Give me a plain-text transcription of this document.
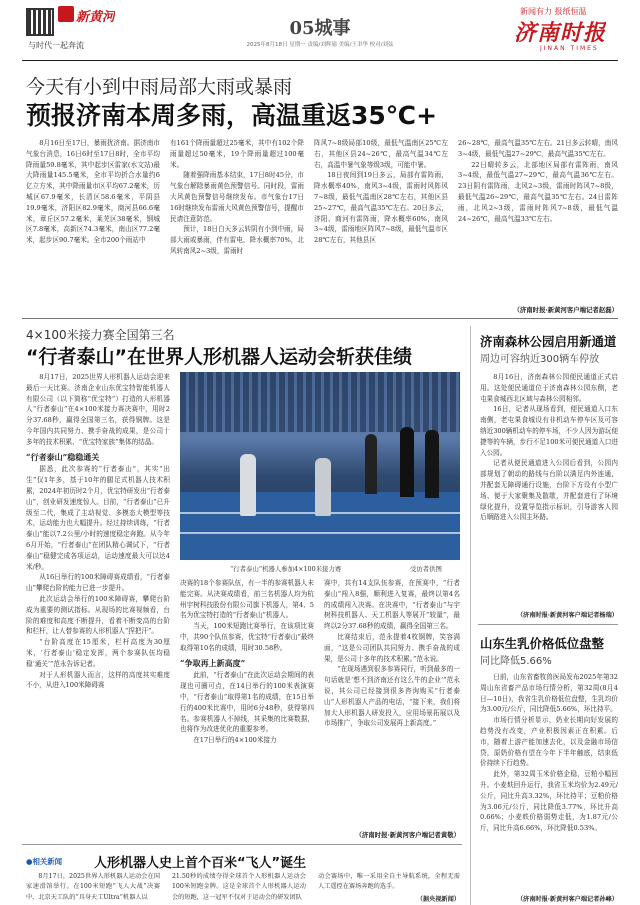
新黄河
与时代一起奔流
05城事
2025年8月18日 星期一 责编/刘辉瑜 美编/王聿华 校对/刘弦
新闻有力 报纸恒温
济南时报
JINAN TIMES
今天有小到中雨局部大雨或暴雨
预报济南本周多雨，高温重返35℃+

8月16日至17日，暴雨扰济南。据济南市气象台消息，16日6时至17日8时，全市平均降雨量59.8毫米，其中起步区雷家(水文站)最大降雨量145.5毫米，全市平均折合水量约6亿立方米，其中降雨量市区平均67.2毫米，历城区67.9毫米，长清区58.6毫米，平阴县19.9毫米，济阳区82.9毫米，商河县66.6毫米，章丘区57.2毫米，莱芜区38毫米，钢城区7.8毫米，高新区74.3毫米，南山区77.2毫米，起步区90.7毫米。全市200个雨站中

有161个降雨量超过25毫米，其中有102个降雨量超过50毫米，19个降雨量超过100毫米。

随着强降雨基本结束，17日8时45分，市气象台解除暴雨黄色预警信号。同时段，雷雨大风黄色预警信号继续发布。市气象台17日16时继续发布雷雨大风黄色预警信号，提醒市民请注意防范。

预计，18日白天多云转阴有小到中雨，局部大雨或暴雨，伴有雷电，降水概率70%，北风转南风2~3级，雷雨时

阵风7~8级局部10级，最低气温南区25℃左右，其他区县24~26℃，最高气温34℃左右，高温中暑气象等级3级，可能中暑。

18日夜间到19日多云，局部有雷阵雨，降水概率40%，南风3~4级，雷雨时风阵风7~8级，最低气温南区28℃左右，其他区县25~27℃，最高气温35℃左右。20日多云，济阳、商河有雷阵雨，降水概率60%，南风3~4级，雷雨地区阵风7~8级，最低气温市区28℃左右，其他县区

26~28℃，最高气温35℃左右。21日多云转晴，南风3~4级，最低气温27~29℃，最高气温35℃左右。

22日晴转多云，北部地区局部有雷阵雨，南风3~4级，最低气温27~29℃，最高气温36℃左右。23日阴有雷阵雨，北风2~3级，雷雨时阵风7~8级，最低气温26~29℃，最高气温35℃左右。24日雷阵雨，北风2~3级，雷雨时阵风7~8级，最低气温24~26℃，最高气温33℃左右。

（济南时报·新黄河客户端记者赵磊）
4×100米接力赛全国第三名
“行者泰山”在世界人形机器人运动会斩获佳绩

8月17日，2025世界人形机器人运动会迎来最后一天比赛。济南企业山东优宝特智能机器人有限公司（以下简称“优宝特”）打造的人形机器人“行者泰山”在4×100米接力赛决赛中，用时2分37.68秒，赢得全国第三名，获得铜牌。这是今年国内共同努力、携手奋战的成果，是公司十多年的技术积累、“优宝特家族”集体的结晶。

“行者泰山”稳稳通关

据悉，此次参赛的“行者泰山”，其实“出生”仅1年多，基于10年的腿足式机器人技术积累，2024年初历时2个月，优宝特研发出“行者泰山”，创业研发速度惊人。目前，“行者泰山”已升级至二代，集成了主动视觉、多模态大模型等技术，运动能力也大幅提升。经过持续训练，“行者泰山”能以7.2公里/小时的速度稳定奔跑。从今年6月开始，“行者泰山”在团队精心调试下，“行者泰山”稳健完成各项运动，运动速度最大可以达4米/秒。

从16日举行的100米障碍赛成绩看，“行者泰山”攀爬台阶的能力已进一步提升。

此次运动会举行的100米障碍赛，攀爬台阶成为重要的测试指标。从现场的比赛视频看，台阶的难度和高度不断提升，看着不断变高的台阶和栏杆，让人替参赛的人形机器人“捏把汗”。

“台阶高度在15厘米，栏杆高度为30厘米，‘行者泰山’稳定发挥，两个参赛队伍均稳稳‘通关’”范永告诉记者。

对于人形机器人而言，这样的高度其实难度不小，从进入100米障碍赛

“行者泰山”机器人参加4×100米接力赛	受访者供图

决赛的18个参赛队伍，有一半的参赛机器人未能完赛。从决赛成绩看，前三名机器人均为杭州宇树科技股份有限公司旗下机器人，第4、5名为优宝特打造的“行者泰山”机器人。

当天，100米短跑比赛举行，在该项比赛中，共90个队伍参赛，优宝特“行者泰山”最终取得第10名的成绩，用时30.58秒。

“争取再上新高度”

此前，“行者泰山”在此次运动会期间的表现也可圈可点，在14日举行的100米表演赛中，“行者泰山”取得第1名的成绩，在15日举行的400米比赛中，用时6分48秒，获得第四名。参赛机器人不掉线，其采集的比赛数据，也将作为改进优化的重要参考。

在17日举行的4×100米接力

赛中，共有14支队伍参赛，在预赛中，“行者泰山”闯入8强，顺利进入复赛，最终以第4名的成绩闯入决赛。在决赛中，“行者泰山”与宇树科技机器人、天工机器人等展开“较量”，最终以2分37.68秒的成绩，赢得全国第三名。

比赛结束后，范永提着4枚铜牌，笑容满面，“这是公司团队共同努力、携手奋战的成果，是公司十多年的技术积累。”范永说。

“在现场遇到很多参赛同行，听到最多的一句话就是‘想不到济南还有这么牛的企业’”范永说，其公司已经接到很多咨询购买“行者泰山”人形机器人产品的电话，“接下来，我们将加大人形机器人研发投入，应用场景拓展以及市场推广，争取公司发展再上新高度。”

（济南时报·新黄河客户端记者黄敬）
●相关新闻 人形机器人史上首个百米“飞人”诞生

8月17日，2025世界人形机器人运动会在国家速滑馆举行。在100米短跑“飞人大战”决赛中，北京天工队的“具身天工Ultra”机器人以

21.50秒的成绩夺得全球首个人形机器人运动会100米短跑金牌。这是全球首个人形机器人运动会的短跑，这一冠军不仅对于运动会的研发团队

动会赛场中，唯一采用全自主导航系统，全程无需人工遥控在赛场奔跑的选手。

（据央视新闻）
济南森林公园启用新通道
周边可容纳近300辆车停放

8月16日，济南森林公园便民通道正式启用。这处便民通道位于济南森林公园东侧，老屯果食城西北区域与森林公园相邻。

16日，记者从现场看到，便民通道入口东南侧，老屯果食城设有非机动车停车区及可容纳近300辆机动车的停车场，不少人因为游玩便捷等的车辆，步行不足100米可便民通道入口进入公园。

记者从便民通道进入公园后看到，公园内部规划了朝动的路线与台阶以满足内外连通，并配套无障碍通行设施，台阶下方设有小型广场、便于大家聚集及散歇，并配套进行了环境绿化提升，设置导览指示标识，引导游客人园后顺路进入公园主环路。

（济南时报·新黄河客户端记者杨瑞）
山东生乳价格低位盘整
同比降低5.66%

日前，山东省畜牧兽医局发布2025年第32周山东省畜产品市场行情分析，第32周(8月4日—10日)，我省生乳价格低位盘整，生乳均价为3.00元/公斤，同比降低5.66%，环比持平。

市场行情分析显示，奶业长期向好发展的趋势没有改变，产业积极因素正在积累。后市，随着上游产能加速去化，以及金融市场信贷，原奶价格有望在今年下半年触底，结束低价持续下行趋势。

此外，第32周玉米价格企稳，豆粕小幅回升。小麦麸回升运行，我省玉米均价为2.49元/公斤，同比升高3.32%，环比持平；豆粕价格为3.06元/公斤，同比降低3.77%，环比升高0.66%；小麦麸价格弱势走低，为1.87元/公斤，同比升高6.66%，环比降低0.53%。

（济南时报·新黄河客户端记者孙峰）
